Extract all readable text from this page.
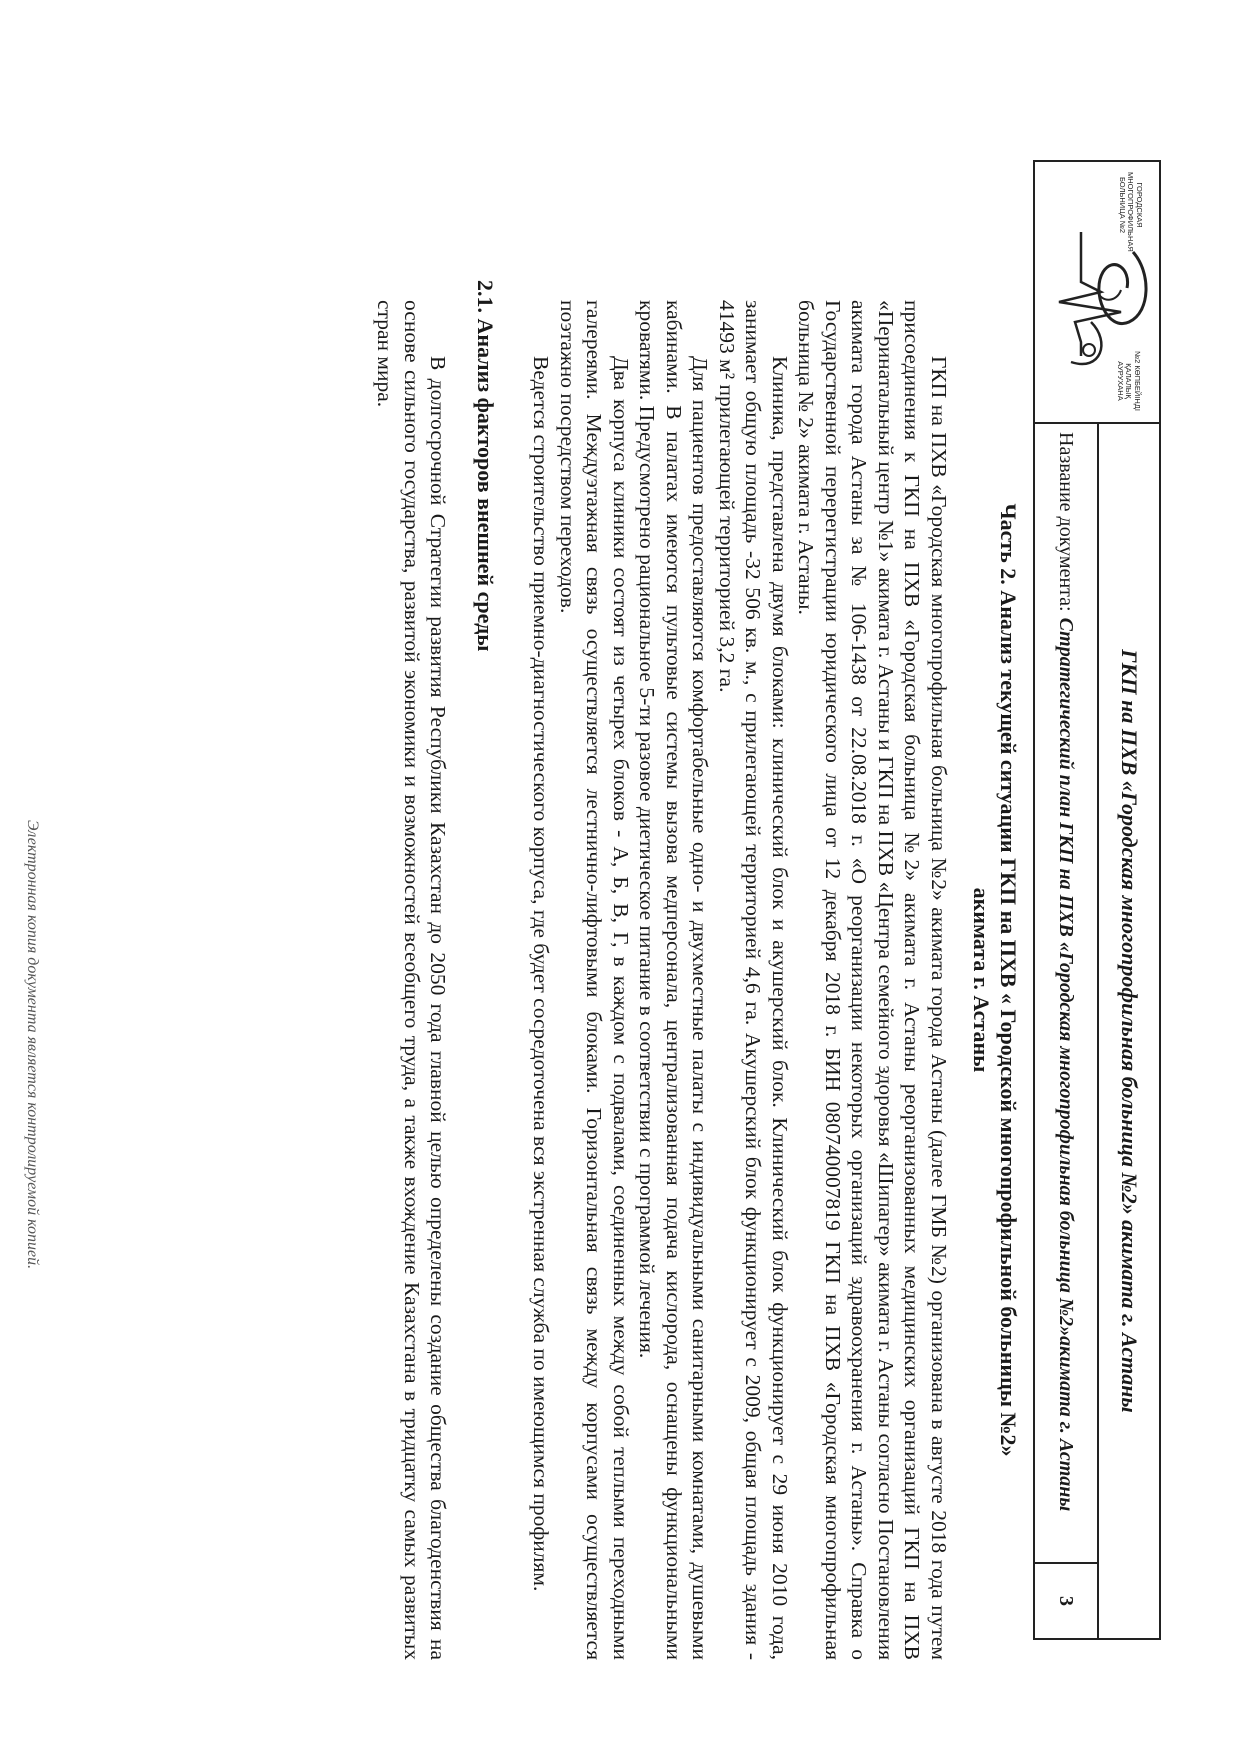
ГОРОДСКАЯ МНОГОПРОФИЛЬНАЯ БОЛЬНИЦА №2
№2 КӨПБЕЙІНДІ ҚАЛАЛЫҚ АУРУХАНА
ГКП на ПХВ «Городская многопрофильная больница №2» акимата г. Астаны
Название документа:
Стратегический план ГКП на ПХВ «Городская многопрофильная больница №2»акимата г. Астаны
3
Часть 2. Анализ текущей ситуации ГКП на ПХВ « Городской многопрофильной больницы №2»
акимата г. Астаны

ГКП на ПХВ «Городская многопрофильная больница №2» акимата города Астаны (далее ГМБ №2) организована в августе 2018 года путем присоединения к ГКП на ПХВ «Городская больница №2» акимата г. Астаны реорганизованных медицинских организаций ГКП на ПХВ «Перинатальный центр №1» акимата г. Астаны и ГКП на ПХВ «Центра семейного здоровья «Шипагер» акимата г. Астаны согласно Постановления акимата города Астаны за № 106-1438 от 22.08.2018 г. «О реорганизации некоторых организаций здравоохранения г. Астаны». Справка о Государственной перерегистрации юридического лица от 12 декабря 2018 г. БИН 080740007819 ГКП на ПХВ «Городская многопрофильная больница № 2» акимата г. Астаны.

Клиника, представлена двумя блоками: клинический блок и акушерский блок. Клинический блок функционирует с 29 июня 2010 года, занимает общую площадь -32 506 кв. м., с прилегающей территорией 4,6 га. Акушерский блок функционирует с 2009, общая площадь здания - 41493 м² прилегающей территорией 3,2 га.

Для пациентов предоставляются комфортабельные одно- и двухместные палаты с индивидуальными санитарными комнатами, душевыми кабинами. В палатах имеются пультовые системы вызова медперсонала, централизованная подача кислорода, оснащены функциональными кроватями. Предусмотрено рациональное 5-ти разовое диетическое питание в соответствии с программой лечения.

Два корпуса клиники состоят из четырех блоков - А, Б, В, Г, в каждом с подвалами, соединенных между собой теплыми переходными галереями. Междуэтажная связь осуществляется лестнично-лифтовыми блоками. Горизонтальная связь между корпусами осуществляется поэтажно посредством переходов.

Ведется строительство приемно-диагностического корпуса, где будет сосредоточена вся экстренная служба по имеющимся профилям.

2.1. Анализ факторов внешней среды

В долгосрочной Стратегии развития Республики Казахстан до 2050 года главной целью определены создание общества благоденствия на основе сильного государства, развитой экономики и возможностей всеобщего труда, а также вхождение Казахстана в тридцатку самых развитых стран мира.

Электронная копия документа является контролируемой копией.
